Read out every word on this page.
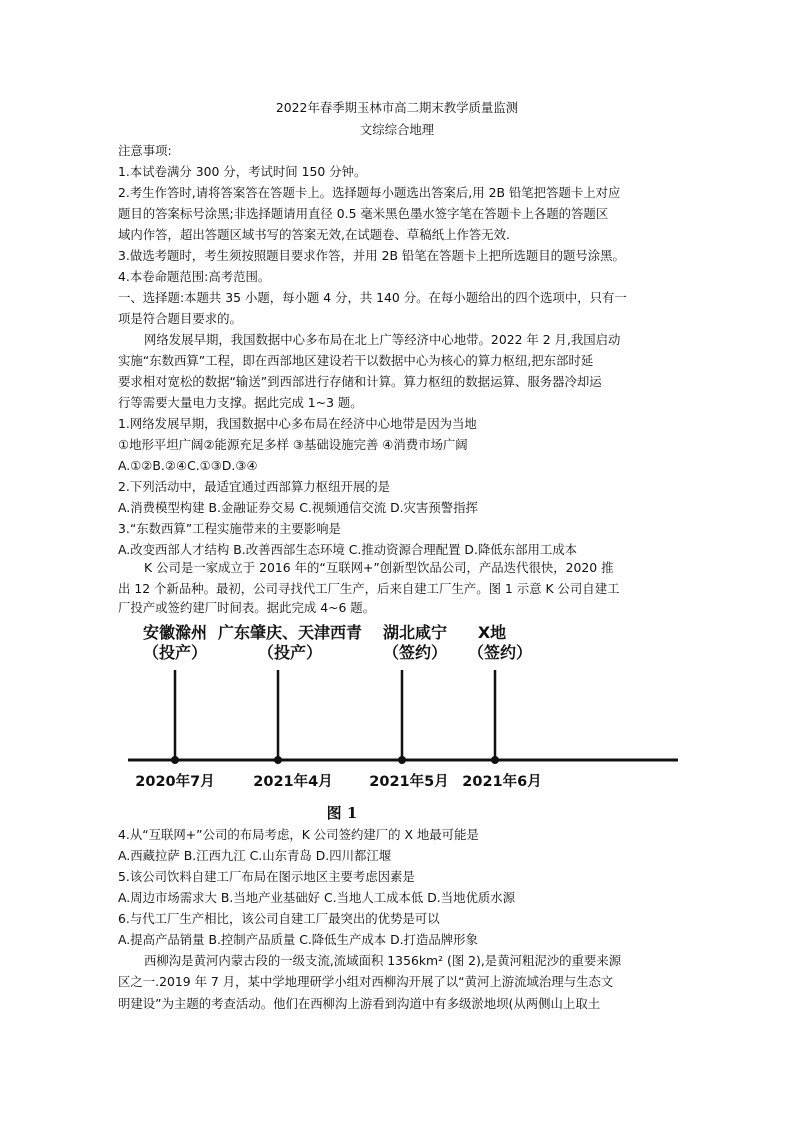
2022年春季期玉林市高二期末教学质量监测
文综综合地理
注意事项:
1.本试卷满分 300 分，考试时间 150 分钟。
2.考生作答时,请将答案答在答题卡上。选择题每小题选出答案后,用 2B 铅笔把答题卡上对应
题目的答案标号涂黑;非选择题请用直径 0.5 毫米黑色墨水签字笔在答题卡上各题的答题区
域内作答，超出答题区域书写的答案无效,在试题卷、草稿纸上作答无效.
3.做选考题时，考生须按照题目要求作答，并用 2B 铅笔在答题卡上把所选题目的题号涂黑。
4.本卷命题范围:高考范围。
一、选择题:本题共 35 小题，每小题 4 分，共 140 分。在每小题给出的四个选项中，只有一
项是符合题目要求的。
网络发展早期，我国数据中心多布局在北上广等经济中心地带。2022 年 2 月,我国启动
实施“东数西算”工程，即在西部地区建设若干以数据中心为核心的算力枢纽,把东部时延
要求相对宽松的数据“输送”到西部进行存储和计算。算力枢纽的数据运算、服务器冷却运
行等需要大量电力支撑。据此完成 1~3 题。
1.网络发展早期，我国数据中心多布局在经济中心地带是因为当地
①地形平坦广阔②能源充足多样 ③基础设施完善 ④消费市场广阔
A.①②B.②④C.①③D.③④
2.下列活动中，最适宜通过西部算力枢纽开展的是
A.消费模型构建 B.金融证券交易 C.视频通信交流 D.灾害预警指挥
3.“东数西算”工程实施带来的主要影响是
A.改变西部人才结构 B.改善西部生态环境 C.推动资源合理配置 D.降低东部用工成本
K 公司是一家成立于 2016 年的“互联网+”创新型饮品公司，产品迭代很快，2020 推
出 12 个新品种。最初，公司寻找代工厂生产，后来自建工厂生产。图 1 示意 K 公司自建工
厂投产或签约建厂时间表。据此完成 4~6 题。
安徽滁州
（投产）
2020年7月
广东肇庆、天津西青
（投产）
2021年4月
湖北咸宁
（签约）
2021年5月
X地
（签约）
2021年6月
图 1
4.从“互联网+”公司的布局考虑，K 公司签约建厂的 X 地最可能是
A.西藏拉萨 B.江西九江 C.山东青岛 D.四川都江堰
5.该公司饮料自建工厂布局在图示地区主要考虑因素是
A.周边市场需求大 B.当地产业基础好 C.当地人工成本低 D.当地优质水源
6.与代工厂生产相比，该公司自建工厂最突出的优势是可以
A.提高产品销量 B.控制产品质量 C.降低生产成本 D.打造品牌形象
西柳沟是黄河内蒙古段的一级支流,流域面积 1356km² (图 2),是黄河粗泥沙的重要来源
区之一.2019 年 7 月，某中学地理研学小组对西柳沟开展了以“黄河上游流域治理与生态文
明建设”为主题的考查活动。他们在西柳沟上游看到沟道中有多级淤地坝(从两侧山上取土
